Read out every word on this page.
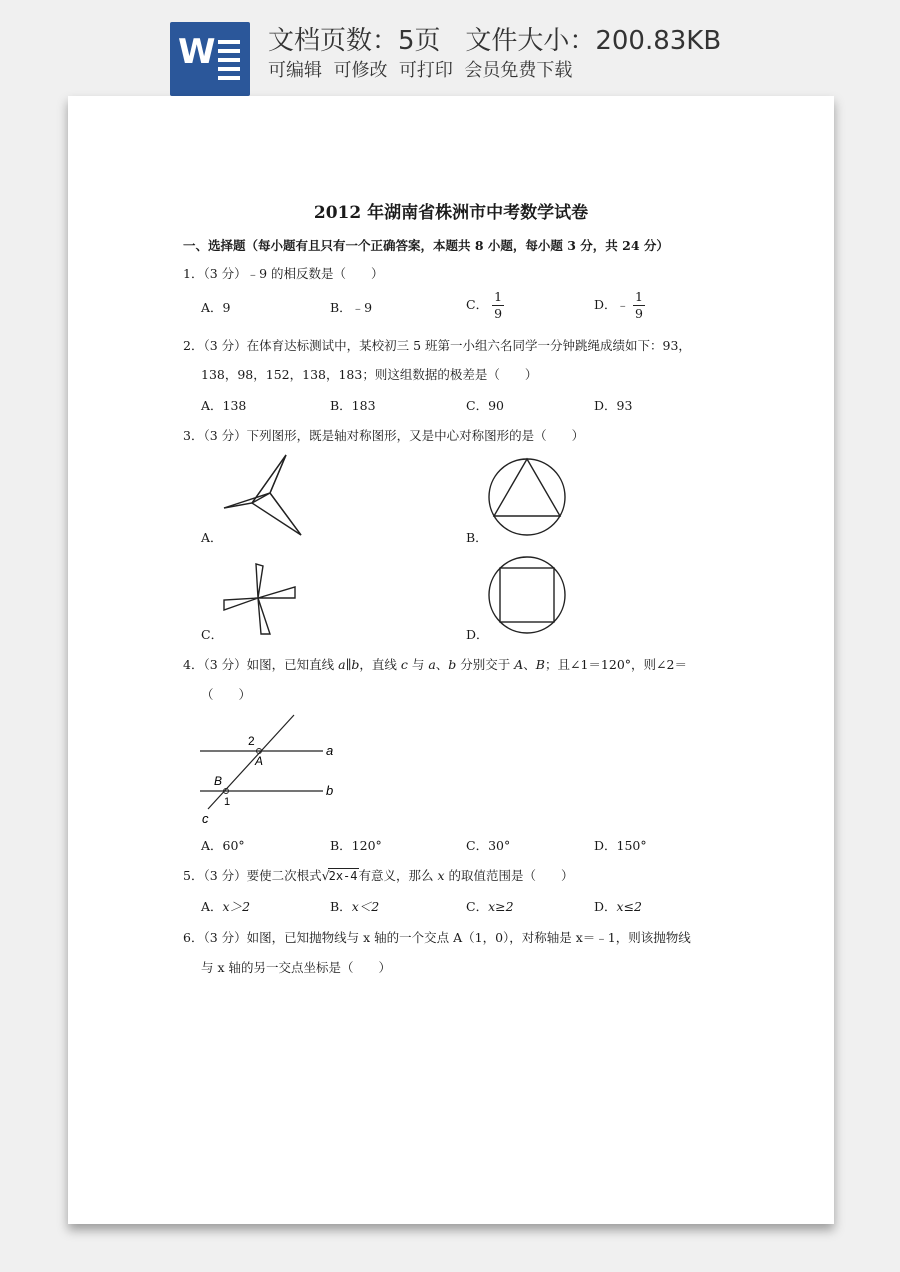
W 文档页数：5页   文件大小：200.83KB
可编辑  可修改  可打印  会员免费下载
2012 年湖南省株洲市中考数学试卷
一、选择题（每小题有且只有一个正确答案，本题共 8 小题，每小题 3 分，共 24 分）
1．（3 分）﹣9 的相反数是（　　）
A．9	B．﹣9	C． $\frac{1}{9}$	D．﹣ $\frac{1}{9}$
2．（3 分）在体育达标测试中，某校初三 5 班第一小组六名同学一分钟跳绳成绩如下：93，
138，98，152，138，183；则这组数据的极差是（　　）
A．138	B．183	C．90	D．93
3．（3 分）下列图形，既是轴对称图形，又是中心对称图形的是（　　）
A．	B．
C．	D．
4．（3 分）如图，已知直线 a∥b，直线 c 与 a、b 分别交于 A、B；且∠1＝120°，则∠2＝
（　　）
2
A
a
B
1
b
c
A．60°	B．120°	C．30°	D．150°
5．（3 分）要使二次根式√2x-4有意义，那么 x 的取值范围是（　　）
A．x＞2	B．x＜2	C．x≥2	D．x≤2
6．（3 分）如图，已知抛物线与 x 轴的一个交点 A（1，0），对称轴是 x＝﹣1，则该抛物线
与 x 轴的另一交点坐标是（　　）
